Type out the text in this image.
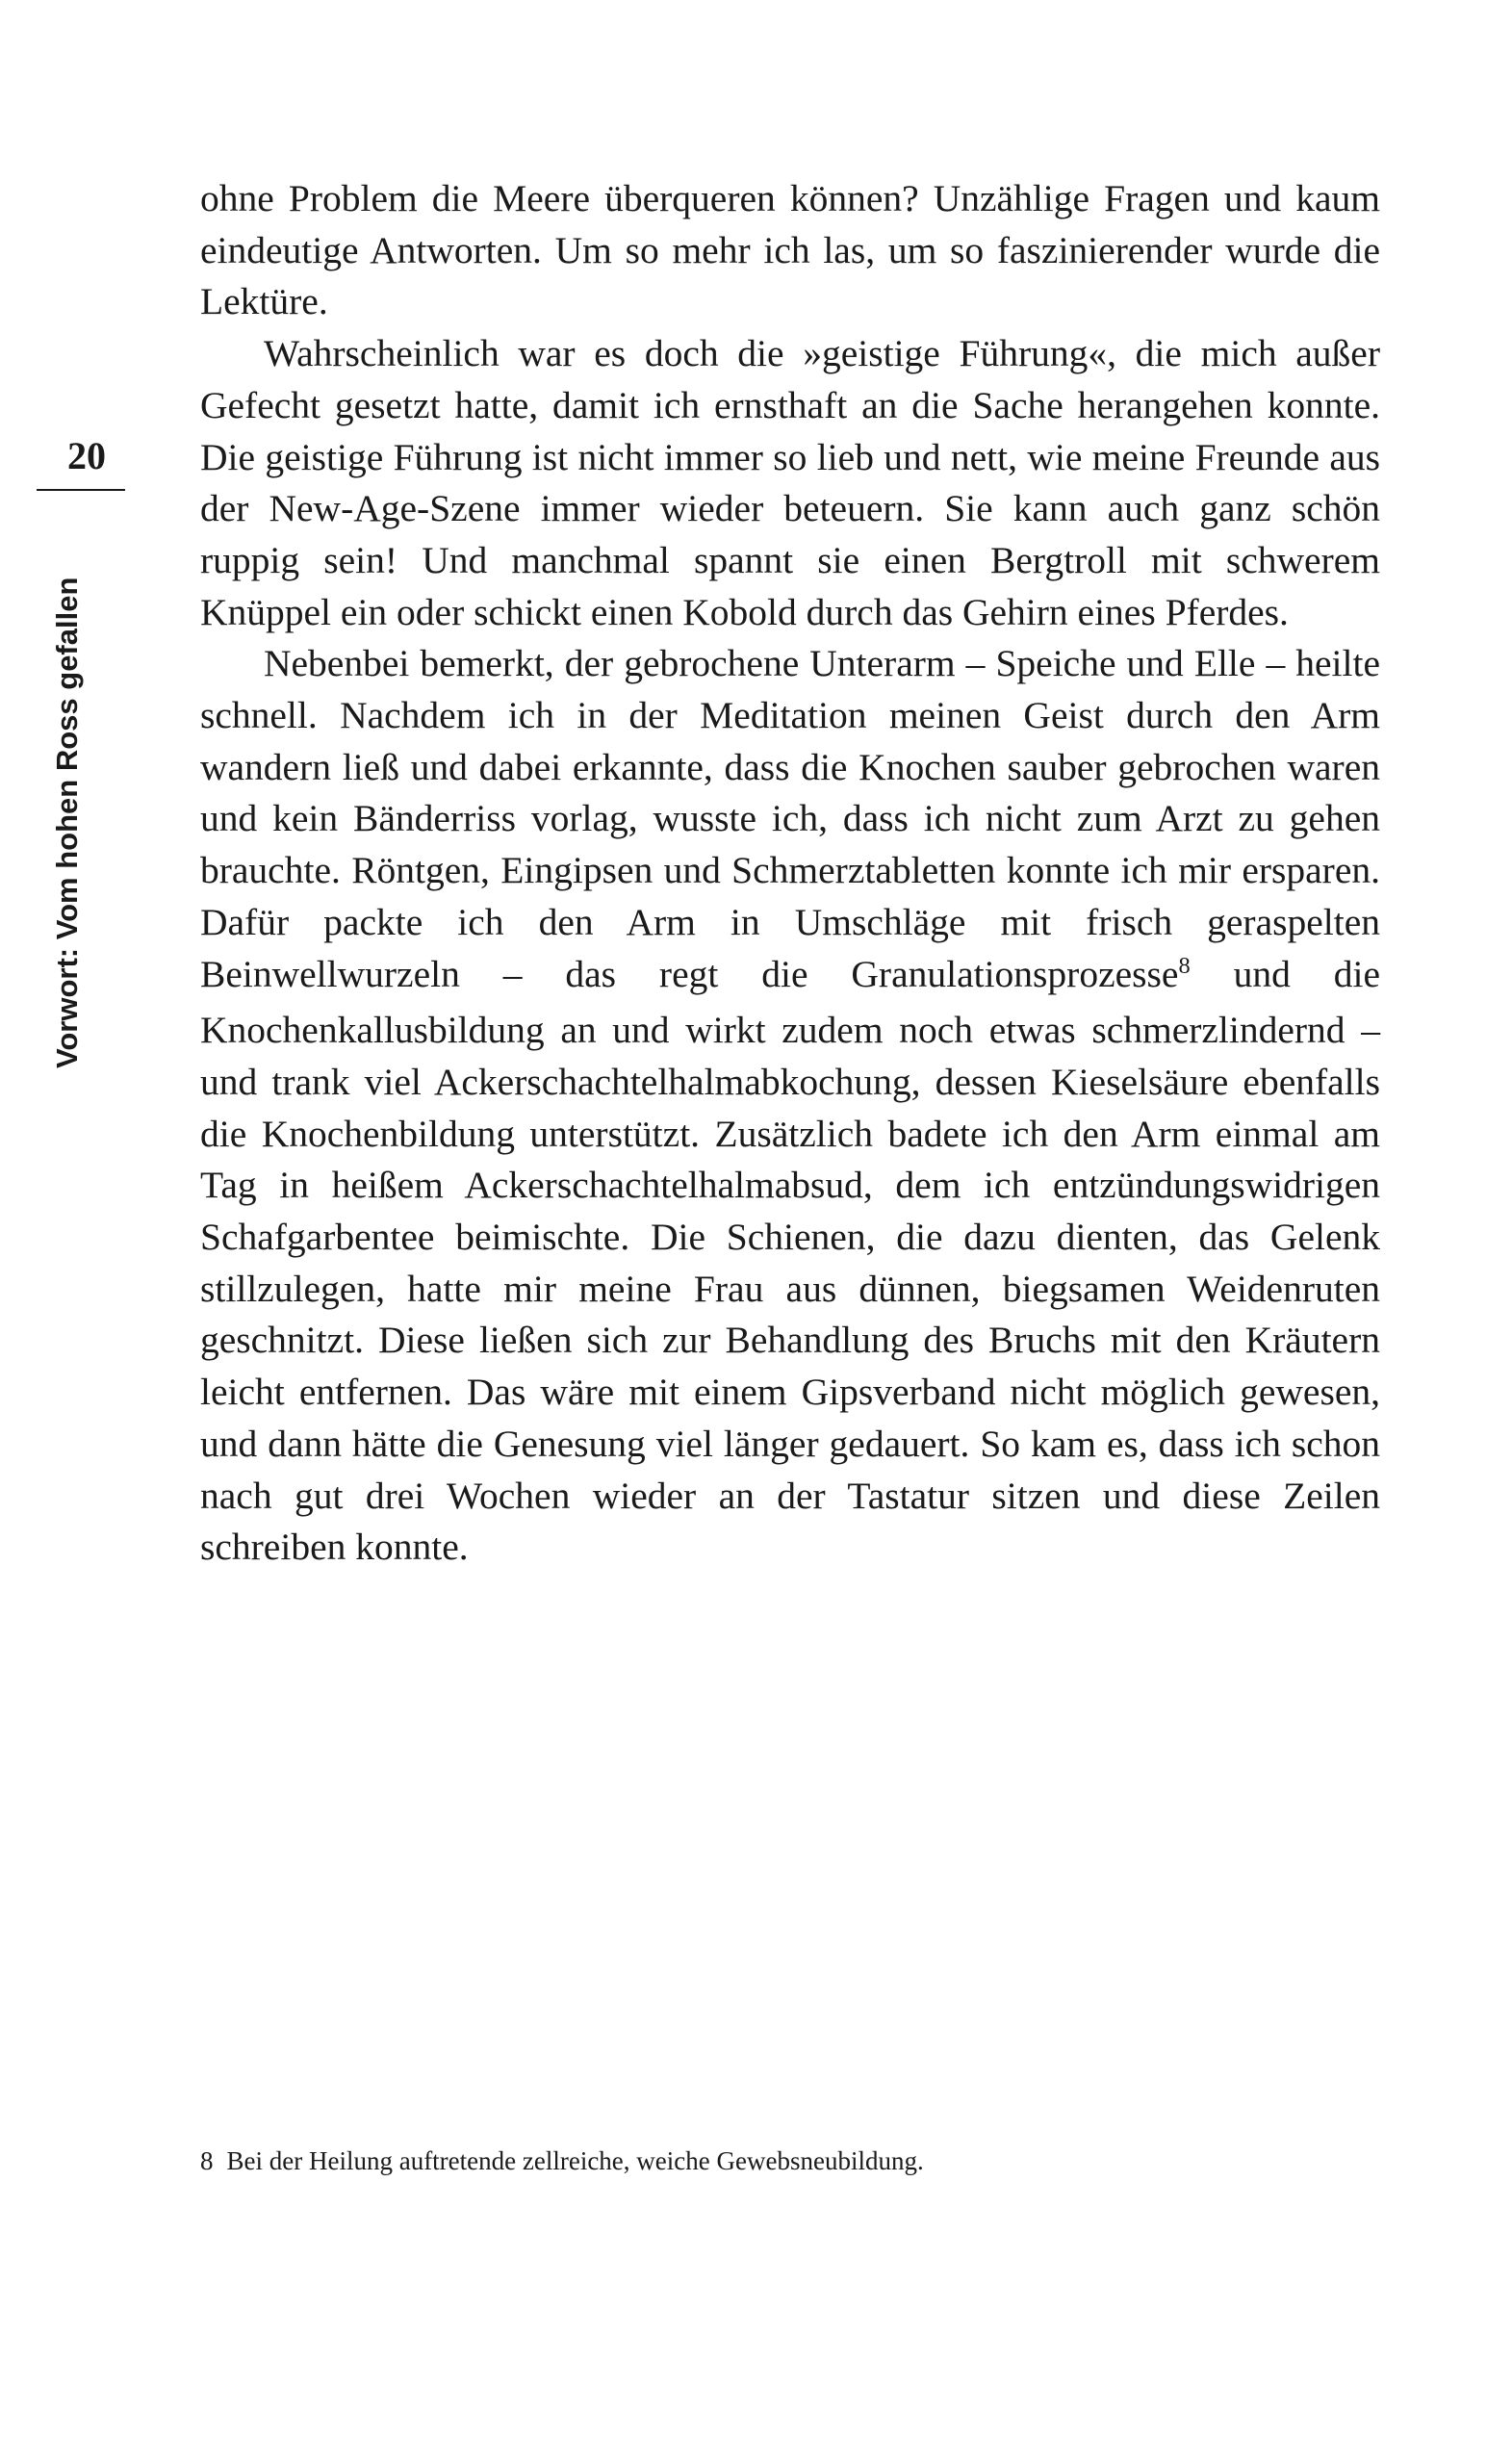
20
Vorwort: Vom hohen Ross gefallen

ohne Problem die Meere überqueren können? Unzählige Fragen und kaum eindeutige Antworten. Um so mehr ich las, um so faszinierender wurde die Lektüre.

Wahrscheinlich war es doch die »geistige Führung«, die mich außer Gefecht gesetzt hatte, damit ich ernsthaft an die Sache herangehen konnte. Die geistige Führung ist nicht immer so lieb und nett, wie meine Freunde aus der New-Age-Szene immer wieder beteuern. Sie kann auch ganz schön ruppig sein! Und manchmal spannt sie einen Bergtroll mit schwerem Knüppel ein oder schickt einen Kobold durch das Gehirn eines Pferdes.

Nebenbei bemerkt, der gebrochene Unterarm – Speiche und Elle – heilte schnell. Nachdem ich in der Meditation meinen Geist durch den Arm wandern ließ und dabei erkannte, dass die Knochen sauber gebrochen waren und kein Bänderriss vorlag, wusste ich, dass ich nicht zum Arzt zu gehen brauchte. Röntgen, Eingipsen und Schmerztabletten konnte ich mir ersparen. Dafür packte ich den Arm in Umschläge mit frisch geraspelten Beinwellwurzeln – das regt die Granulationsprozesse$^8$ und die Knochenkallusbildung an und wirkt zudem noch etwas schmerzlindernd – und trank viel Ackerschachtelhalmabkochung, dessen Kieselsäure ebenfalls die Knochenbildung unterstützt. Zusätzlich badete ich den Arm einmal am Tag in heißem Ackerschachtelhalmabsud, dem ich entzündungswidrigen Schafgarbentee beimischte. Die Schienen, die dazu dienten, das Gelenk stillzulegen, hatte mir meine Frau aus dünnen, biegsamen Weidenruten geschnitzt. Diese ließen sich zur Behandlung des Bruchs mit den Kräutern leicht entfernen. Das wäre mit einem Gipsverband nicht möglich gewesen, und dann hätte die Genesung viel länger gedauert. So kam es, dass ich schon nach gut drei Wochen wieder an der Tastatur sitzen und diese Zeilen schreiben konnte.

8 Bei der Heilung auftretende zellreiche, weiche Gewebsneubildung.
